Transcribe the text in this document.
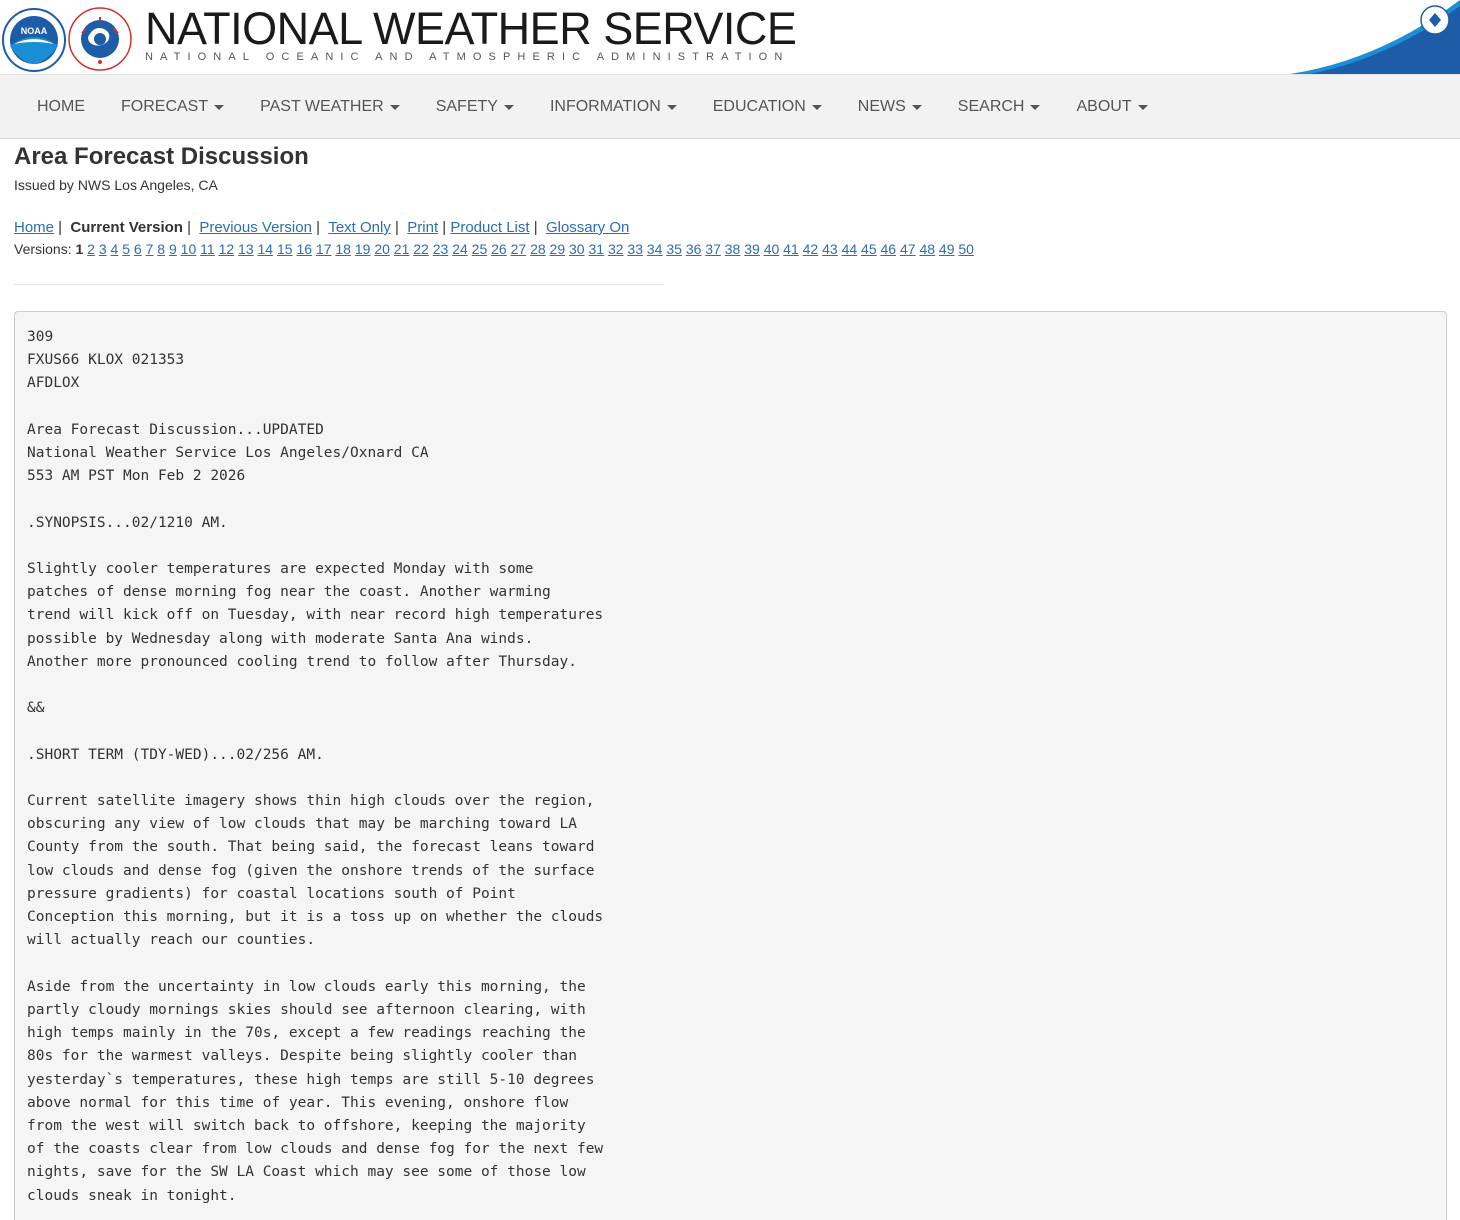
NOAA NATIONAL WEATHER SERVICE
NATIONAL OCEANIC AND ATMOSPHERIC ADMINISTRATION
HOME FORECAST	PAST WEATHER	SAFETY	INFORMATION	EDUCATION	NEWS	SEARCH	ABOUT
Area Forecast Discussion
Issued by NWS Los Angeles, CA
Home |  Current Version |  Previous Version |  Text Only |  Print | Product List |  Glossary On
Versions: 1 2 3 4 5 6 7 8 9 10 11 12 13 14 15 16 17 18 19 20 21 22 23 24 25 26 27 28 29 30 31 32 33 34 35 36 37 38 39 40 41 42 43 44 45 46 47 48 49 50
309
FXUS66 KLOX 021353
AFDLOX

Area Forecast Discussion...UPDATED
National Weather Service Los Angeles/Oxnard CA
553 AM PST Mon Feb 2 2026

.SYNOPSIS...02/1210 AM.

Slightly cooler temperatures are expected Monday with some
patches of dense morning fog near the coast. Another warming
trend will kick off on Tuesday, with near record high temperatures
possible by Wednesday along with moderate Santa Ana winds.
Another more pronounced cooling trend to follow after Thursday.

&&

.SHORT TERM (TDY-WED)...02/256 AM.

Current satellite imagery shows thin high clouds over the region,
obscuring any view of low clouds that may be marching toward LA
County from the south. That being said, the forecast leans toward
low clouds and dense fog (given the onshore trends of the surface
pressure gradients) for coastal locations south of Point
Conception this morning, but it is a toss up on whether the clouds
will actually reach our counties.

Aside from the uncertainty in low clouds early this morning, the
partly cloudy mornings skies should see afternoon clearing, with
high temps mainly in the 70s, except a few readings reaching the
80s for the warmest valleys. Despite being slightly cooler than
yesterday`s temperatures, these high temps are still 5-10 degrees
above normal for this time of year. This evening, onshore flow
from the west will switch back to offshore, keeping the majority
of the coasts clear from low clouds and dense fog for the next few
nights, save for the SW LA Coast which may see some of those low
clouds sneak in tonight.
